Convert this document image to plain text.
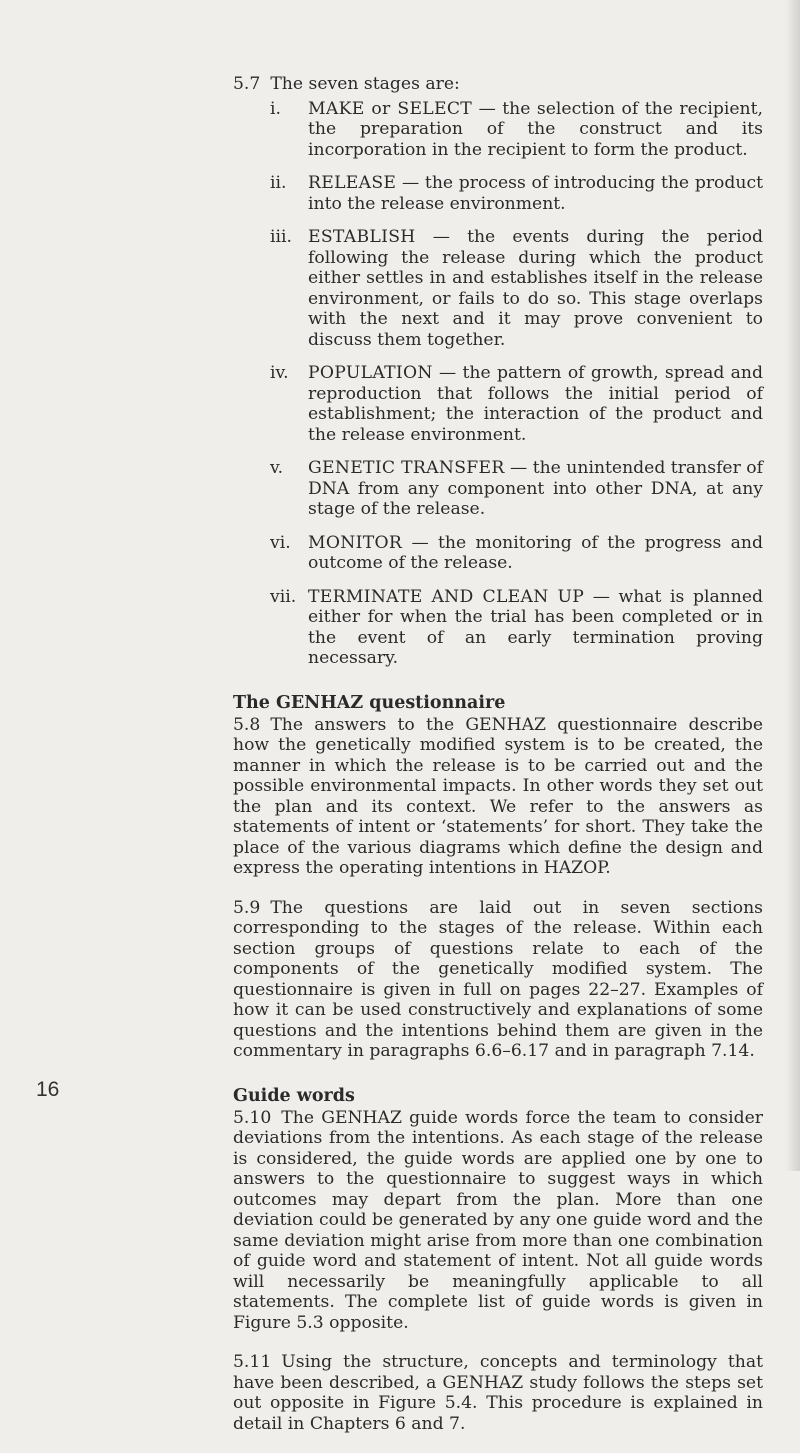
5.7 The seven stages are:

i. MAKE or SELECT — the selection of the recipient, the preparation of the construct and its incorporation in the recipient to form the product.
ii. RELEASE — the process of introducing the product into the release environment.
iii. ESTABLISH — the events during the period following the release during which the product either settles in and establishes itself in the release environment, or fails to do so. This stage overlaps with the next and it may prove convenient to discuss them together.
iv. POPULATION — the pattern of growth, spread and reproduction that follows the initial period of establishment; the interaction of the product and the release environment.
v. GENETIC TRANSFER — the unintended transfer of DNA from any component into other DNA, at any stage of the release.
vi. MONITOR — the monitoring of the progress and outcome of the release.
vii. TERMINATE AND CLEAN UP — what is planned either for when the trial has been completed or in the event of an early termination proving necessary.
The GENHAZ questionnaire

5.8 The answers to the GENHAZ questionnaire describe how the genetically modified system is to be created, the manner in which the release is to be carried out and the possible environmental impacts. In other words they set out the plan and its context. We refer to the answers as statements of intent or ‘statements’ for short. They take the place of the various diagrams which define the design and express the operating intentions in HAZOP.

5.9 The questions are laid out in seven sections corresponding to the stages of the release. Within each section groups of questions relate to each of the components of the genetically modified system. The questionnaire is given in full on pages 22–27. Examples of how it can be used constructively and explanations of some questions and the intentions behind them are given in the commentary in paragraphs 6.6–6.17 and in paragraph 7.14.

Guide words

5.10 The GENHAZ guide words force the team to consider deviations from the intentions. As each stage of the release is considered, the guide words are applied one by one to answers to the questionnaire to suggest ways in which outcomes may depart from the plan. More than one deviation could be generated by any one guide word and the same deviation might arise from more than one combination of guide word and statement of intent. Not all guide words will necessarily be meaningfully applicable to all statements. The complete list of guide words is given in Figure 5.3 opposite.

5.11 Using the structure, concepts and terminology that have been described, a GENHAZ study follows the steps set out opposite in Figure 5.4. This procedure is explained in detail in Chapters 6 and 7.

16
